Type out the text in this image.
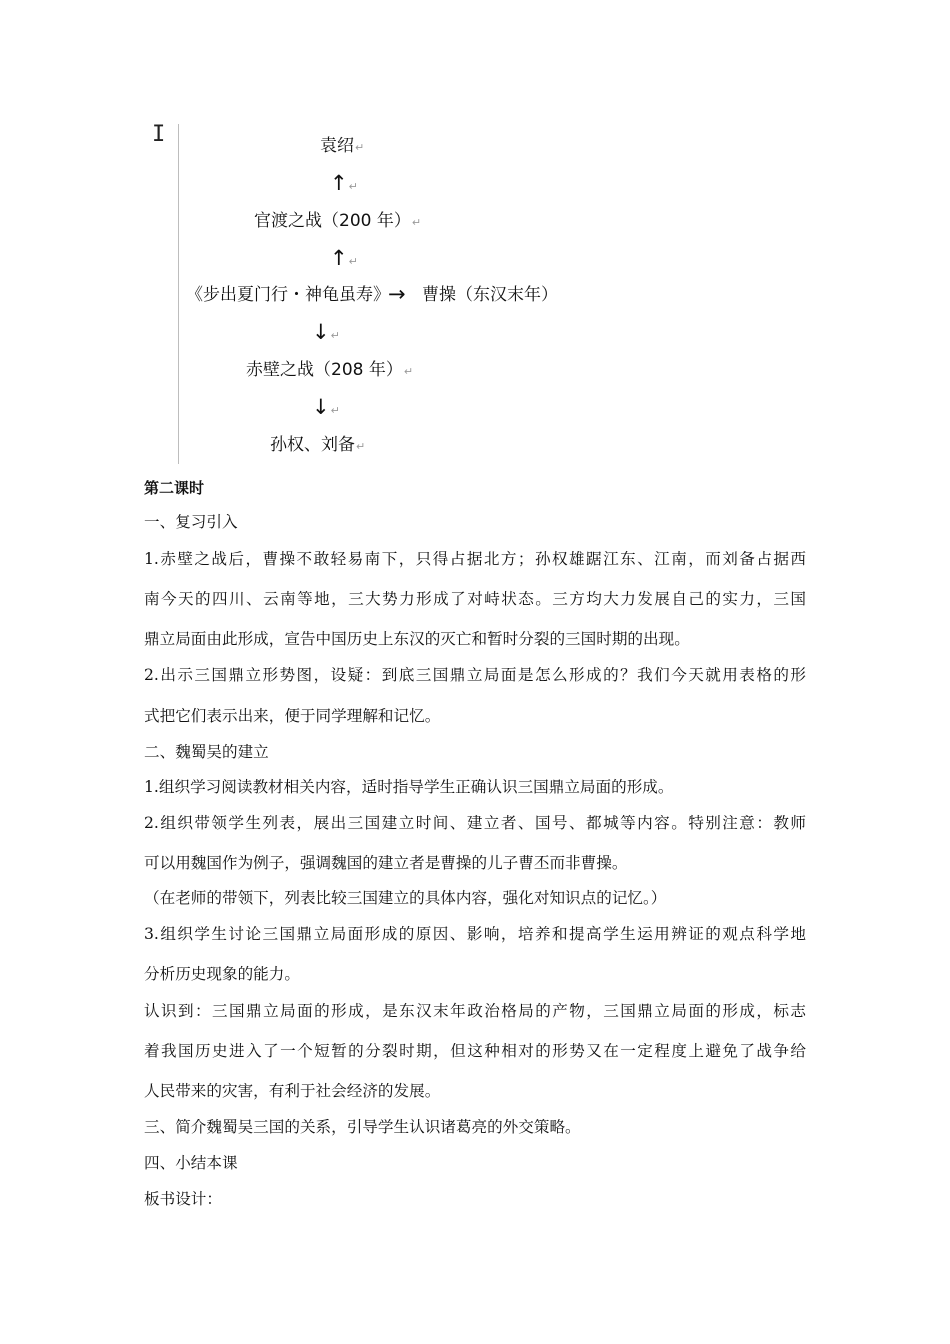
I	袁绍↵
↑↵
官渡之战（200 年）↵
↑↵
《步出夏门行・神龟虽寿》
→ 曹操（东汉末年）
↓↵
赤壁之战（208 年）↵
↓↵
孙权、刘备↵
第二课时
一、复习引入
1.赤壁之战后，曹操不敢轻易南下，只得占据北方；孙权雄踞江东、江南，而刘备占据西
南今天的四川、云南等地，三大势力形成了对峙状态。三方均大力发展自己的实力，三国
鼎立局面由此形成，宣告中国历史上东汉的灭亡和暂时分裂的三国时期的出现。
2.出示三国鼎立形势图，设疑：到底三国鼎立局面是怎么形成的？我们今天就用表格的形
式把它们表示出来，便于同学理解和记忆。
二、魏蜀吴的建立
1.组织学习阅读教材相关内容，适时指导学生正确认识三国鼎立局面的形成。
2.组织带领学生列表，展出三国建立时间、建立者、国号、都城等内容。特别注意：教师
可以用魏国作为例子，强调魏国的建立者是曹操的儿子曹丕而非曹操。
（在老师的带领下，列表比较三国建立的具体内容，强化对知识点的记忆。）
3.组织学生讨论三国鼎立局面形成的原因、影响，培养和提高学生运用辨证的观点科学地
分析历史现象的能力。
认识到：三国鼎立局面的形成，是东汉末年政治格局的产物，三国鼎立局面的形成，标志
着我国历史进入了一个短暂的分裂时期，但这种相对的形势又在一定程度上避免了战争给
人民带来的灾害，有利于社会经济的发展。
三、简介魏蜀吴三国的关系，引导学生认识诸葛亮的外交策略。
四、小结本课
板书设计：
